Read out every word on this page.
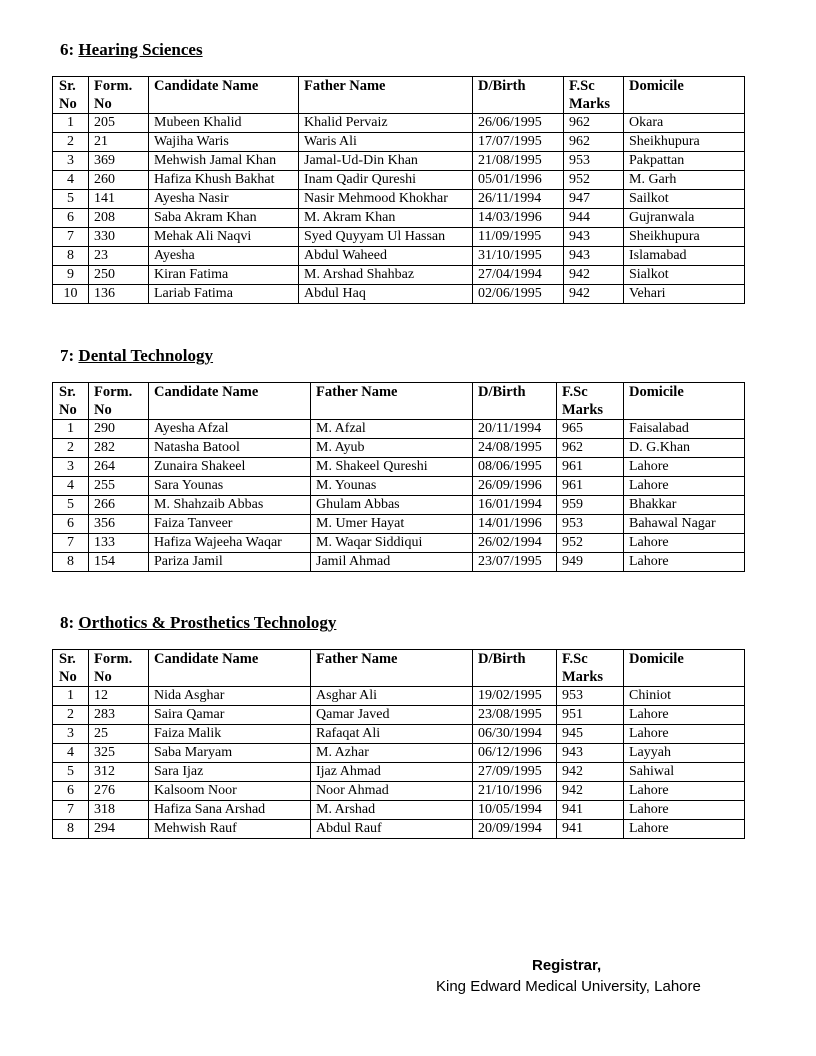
6: Hearing Sciences
Sr. No	Form. No	Candidate Name	Father Name	D/Birth	F.Sc Marks	Domicile
1	205	Mubeen Khalid	Khalid Pervaiz	26/06/1995	962	Okara
2	21	Wajiha Waris	Waris Ali	17/07/1995	962	Sheikhupura
3	369	Mehwish Jamal Khan	Jamal-Ud-Din Khan	21/08/1995	953	Pakpattan
4	260	Hafiza Khush Bakhat	Inam Qadir Qureshi	05/01/1996	952	M. Garh
5	141	Ayesha Nasir	Nasir Mehmood Khokhar	26/11/1994	947	Sailkot
6	208	Saba Akram Khan	M. Akram Khan	14/03/1996	944	Gujranwala
7	330	Mehak Ali Naqvi	Syed Quyyam Ul Hassan	11/09/1995	943	Sheikhupura
8	23	Ayesha	Abdul Waheed	31/10/1995	943	Islamabad
9	250	Kiran Fatima	M. Arshad Shahbaz	27/04/1994	942	Sialkot
10	136	Lariab Fatima	Abdul Haq	02/06/1995	942	Vehari
7: Dental Technology
Sr. No	Form. No	Candidate Name	Father Name	D/Birth	F.Sc Marks	Domicile
1	290	Ayesha Afzal	M. Afzal	20/11/1994	965	Faisalabad
2	282	Natasha Batool	M. Ayub	24/08/1995	962	D. G.Khan
3	264	Zunaira Shakeel	M. Shakeel Qureshi	08/06/1995	961	Lahore
4	255	Sara Younas	M. Younas	26/09/1996	961	Lahore
5	266	M. Shahzaib Abbas	Ghulam Abbas	16/01/1994	959	Bhakkar
6	356	Faiza Tanveer	M. Umer Hayat	14/01/1996	953	Bahawal Nagar
7	133	Hafiza Wajeeha Waqar	M. Waqar Siddiqui	26/02/1994	952	Lahore
8	154	Pariza Jamil	Jamil Ahmad	23/07/1995	949	Lahore
8: Orthotics & Prosthetics Technology
Sr. No	Form. No	Candidate Name	Father Name	D/Birth	F.Sc Marks	Domicile
1	12	Nida Asghar	Asghar Ali	19/02/1995	953	Chiniot
2	283	Saira Qamar	Qamar Javed	23/08/1995	951	Lahore
3	25	Faiza Malik	Rafaqat Ali	06/30/1994	945	Lahore
4	325	Saba Maryam	M. Azhar	06/12/1996	943	Layyah
5	312	Sara Ijaz	Ijaz Ahmad	27/09/1995	942	Sahiwal
6	276	Kalsoom Noor	Noor Ahmad	21/10/1996	942	Lahore
7	318	Hafiza Sana Arshad	M. Arshad	10/05/1994	941	Lahore
8	294	Mehwish Rauf	Abdul Rauf	20/09/1994	941	Lahore
Registrar,
King Edward Medical University, Lahore
